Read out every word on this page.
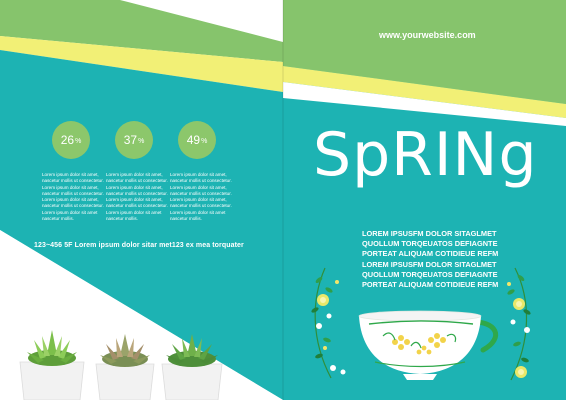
26 %	37 %	49 %
Lorem ipsum dolor sit amet, nascetur mollis ut consectetur. Lorem ipsum dolor sit amet, nascetur mollis ut consectetur. Lorem ipsum dolor sit amet, nascetur mollis ut consectetur. Lorem ipsum dolor sit amet nascetur mollis.
Lorem ipsum dolor sit amet, nascetur mollis ut consectetur. Lorem ipsum dolor sit amet, nascetur mollis ut consectetur. Lorem ipsum dolor sit amet, nascetur mollis ut consectetur. Lorem ipsum dolor sit amet nascetur mollis.
Lorem ipsum dolor sit amet, nascetur mollis ut consectetur. Lorem ipsum dolor sit amet, nascetur mollis ut consectetur. Lorem ipsum dolor sit amet, nascetur mollis ut consectetur. Lorem ipsum dolor sit amet nascetur mollis.
123~456 5F Lorem ipsum dolor sitar met123 ex mea torquater
www.yourwebsite.com
SpRINg
LOREM IPSUSFM DOLOR SITAGLMET
QUOLLUM TORQEUATOS DEFIAGNTE
PORTEAT ALIQUAM COTIDIEUE REFM
LOREM IPSUSFM DOLOR SITAGLMET
QUOLLUM TORQEUATOS DEFIAGNTE
PORTEAT ALIQUAM COTIDIEUE REFM
